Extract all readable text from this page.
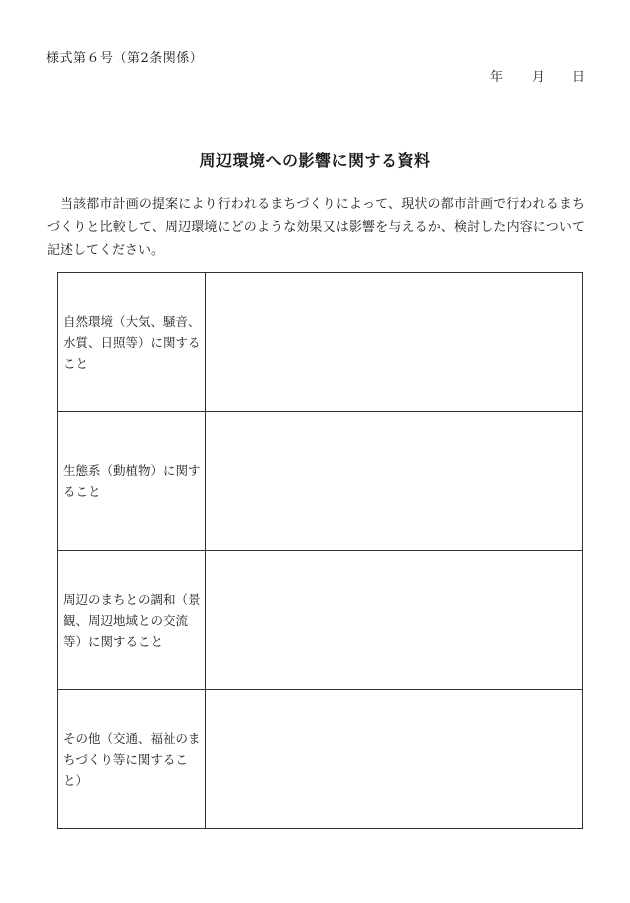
様式第６号（第2条関係）
年 月 日
周辺環境への影響に関する資料

当該都市計画の提案により行われるまちづくりによって、現状の都市計画で行われるまちづくりと比較して、周辺環境にどのような効果又は影響を与えるか、検討した内容について記述してください。

自然環境（大気、騒音、水質、日照等）に関すること	
生態系（動植物）に関すること	
周辺のまちとの調和（景観、周辺地域との交流等）に関すること	
その他（交通、福祉のまちづくり等に関すること）	
